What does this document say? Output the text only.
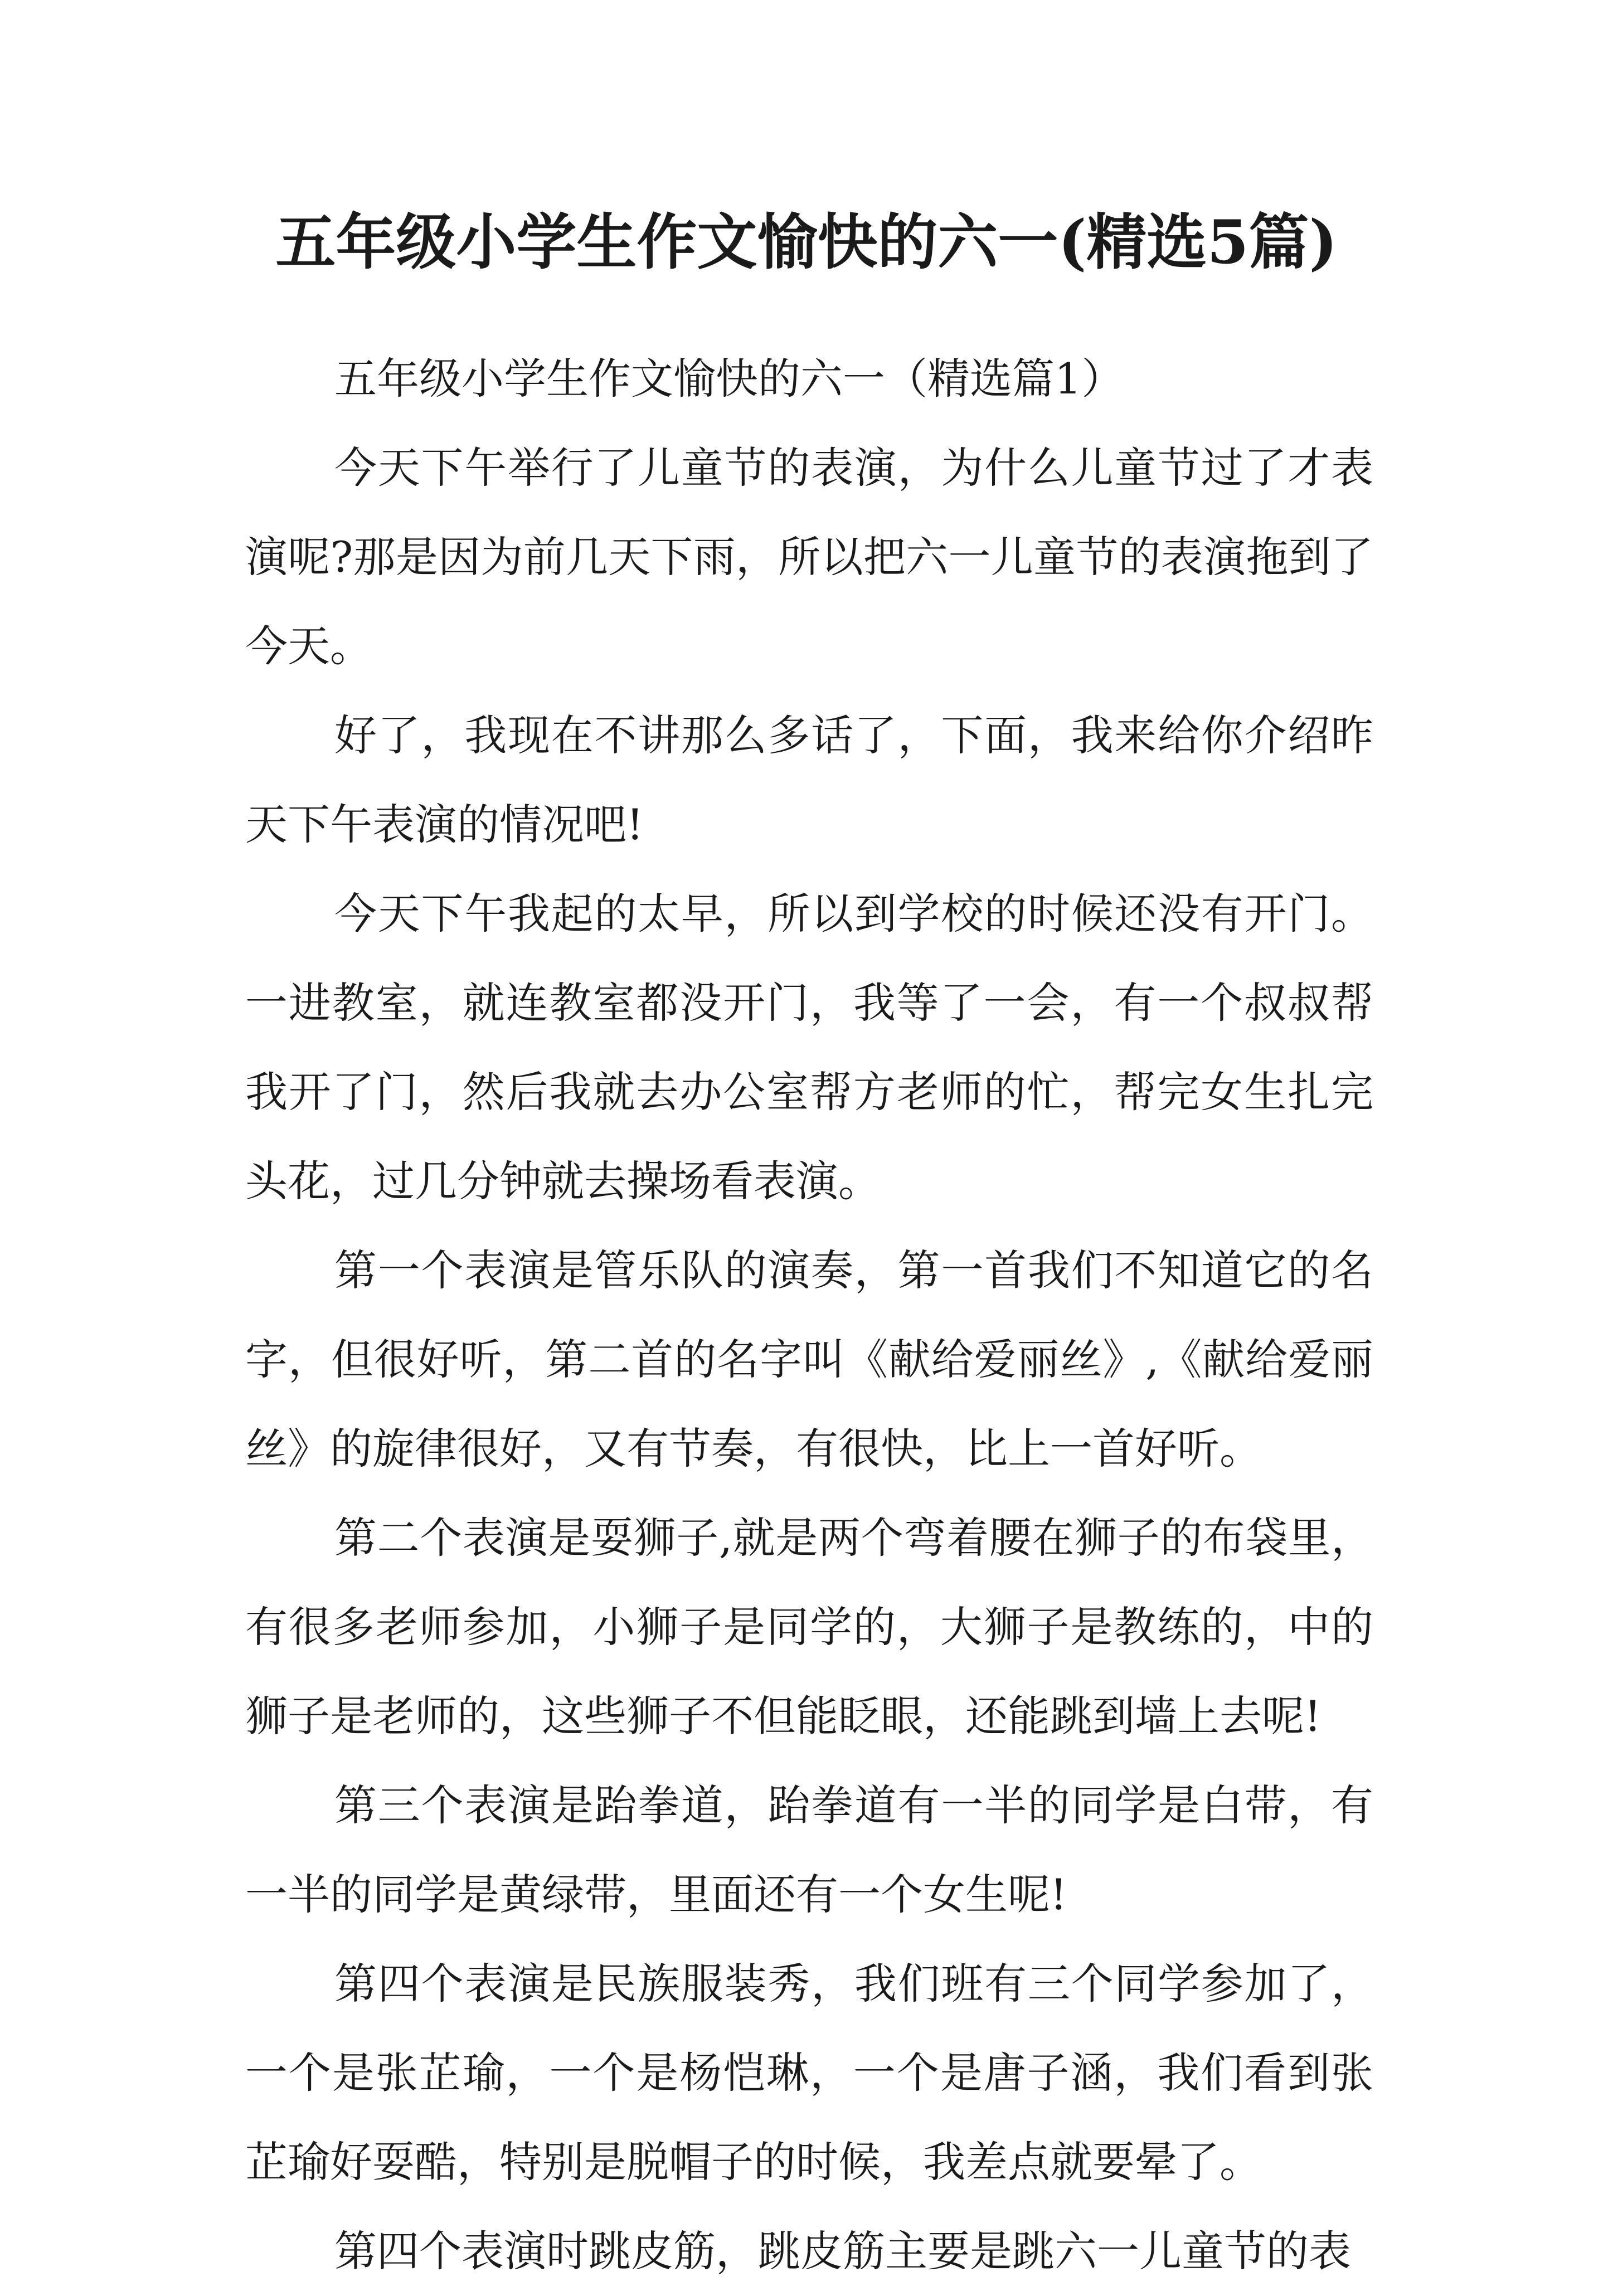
五年级小学生作文愉快的六一(精选5篇)

五年级小学生作文愉快的六一（精选篇1）

今天下午举行了儿童节的表演，为什么儿童节过了才表演呢?那是因为前几天下雨，所以把六一儿童节的表演拖到了今天。

好了，我现在不讲那么多话了，下面，我来给你介绍昨天下午表演的情况吧!

今天下午我起的太早，所以到学校的时候还没有开门。一进教室，就连教室都没开门，我等了一会，有一个叔叔帮我开了门，然后我就去办公室帮方老师的忙，帮完女生扎完头花，过几分钟就去操场看表演。

第一个表演是管乐队的演奏，第一首我们不知道它的名字，但很好听，第二首的名字叫《献给爱丽丝》,《献给爱丽丝》的旋律很好，又有节奏，有很快，比上一首好听。

第二个表演是耍狮子,就是两个弯着腰在狮子的布袋里，有很多老师参加，小狮子是同学的，大狮子是教练的，中的狮子是老师的，这些狮子不但能眨眼，还能跳到墙上去呢!

第三个表演是跆拳道，跆拳道有一半的同学是白带，有一半的同学是黄绿带，里面还有一个女生呢!

第四个表演是民族服装秀，我们班有三个同学参加了，一个是张芷瑜，一个是杨恺琳，一个是唐子涵，我们看到张芷瑜好耍酷，特别是脱帽子的时候，我差点就要晕了。

第四个表演时跳皮筋，跳皮筋主要是跳六一儿童节的表
